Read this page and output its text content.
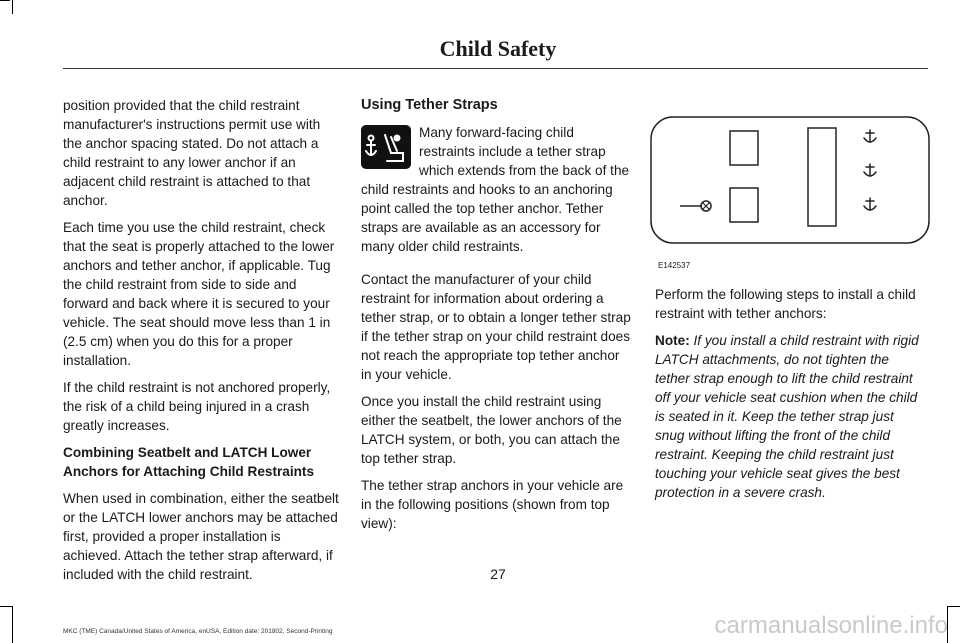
Child Safety

position provided that the child restraint manufacturer's instructions permit use with the anchor spacing stated. Do not attach a child restraint to any lower anchor if an adjacent child restraint is attached to that anchor.

Each time you use the child restraint, check that the seat is properly attached to the lower anchors and tether anchor, if applicable. Tug the child restraint from side to side and forward and back where it is secured to your vehicle. The seat should move less than 1 in (2.5 cm) when you do this for a proper installation.

If the child restraint is not anchored properly, the risk of a child being injured in a crash greatly increases.

Combining Seatbelt and LATCH Lower Anchors for Attaching Child Restraints

When used in combination, either the seatbelt or the LATCH lower anchors may be attached first, provided a proper installation is achieved. Attach the tether strap afterward, if included with the child restraint.

Using Tether Straps

Many forward-facing child restraints include a tether strap which extends from the back of the child restraints and hooks to an anchoring point called the top tether anchor. Tether straps are available as an accessory for many older child restraints.

Contact the manufacturer of your child restraint for information about ordering a tether strap, or to obtain a longer tether strap if the tether strap on your child restraint does not reach the appropriate top tether anchor in your vehicle.

Once you install the child restraint using either the seatbelt, the lower anchors of the LATCH system, or both, you can attach the top tether strap.

The tether strap anchors in your vehicle are in the following positions (shown from top view):

E142537

Perform the following steps to install a child restraint with tether anchors:

Note: If you install a child restraint with rigid LATCH attachments, do not tighten the tether strap enough to lift the child restraint off your vehicle seat cushion when the child is seated in it. Keep the tether strap just snug without lifting the front of the child restraint. Keeping the child restraint just touching your vehicle seat gives the best protection in a severe crash.

27
MKC (TME) Canada/United States of America, enUSA, Edition date: 201802, Second-Printing	carmanualsonline.info
